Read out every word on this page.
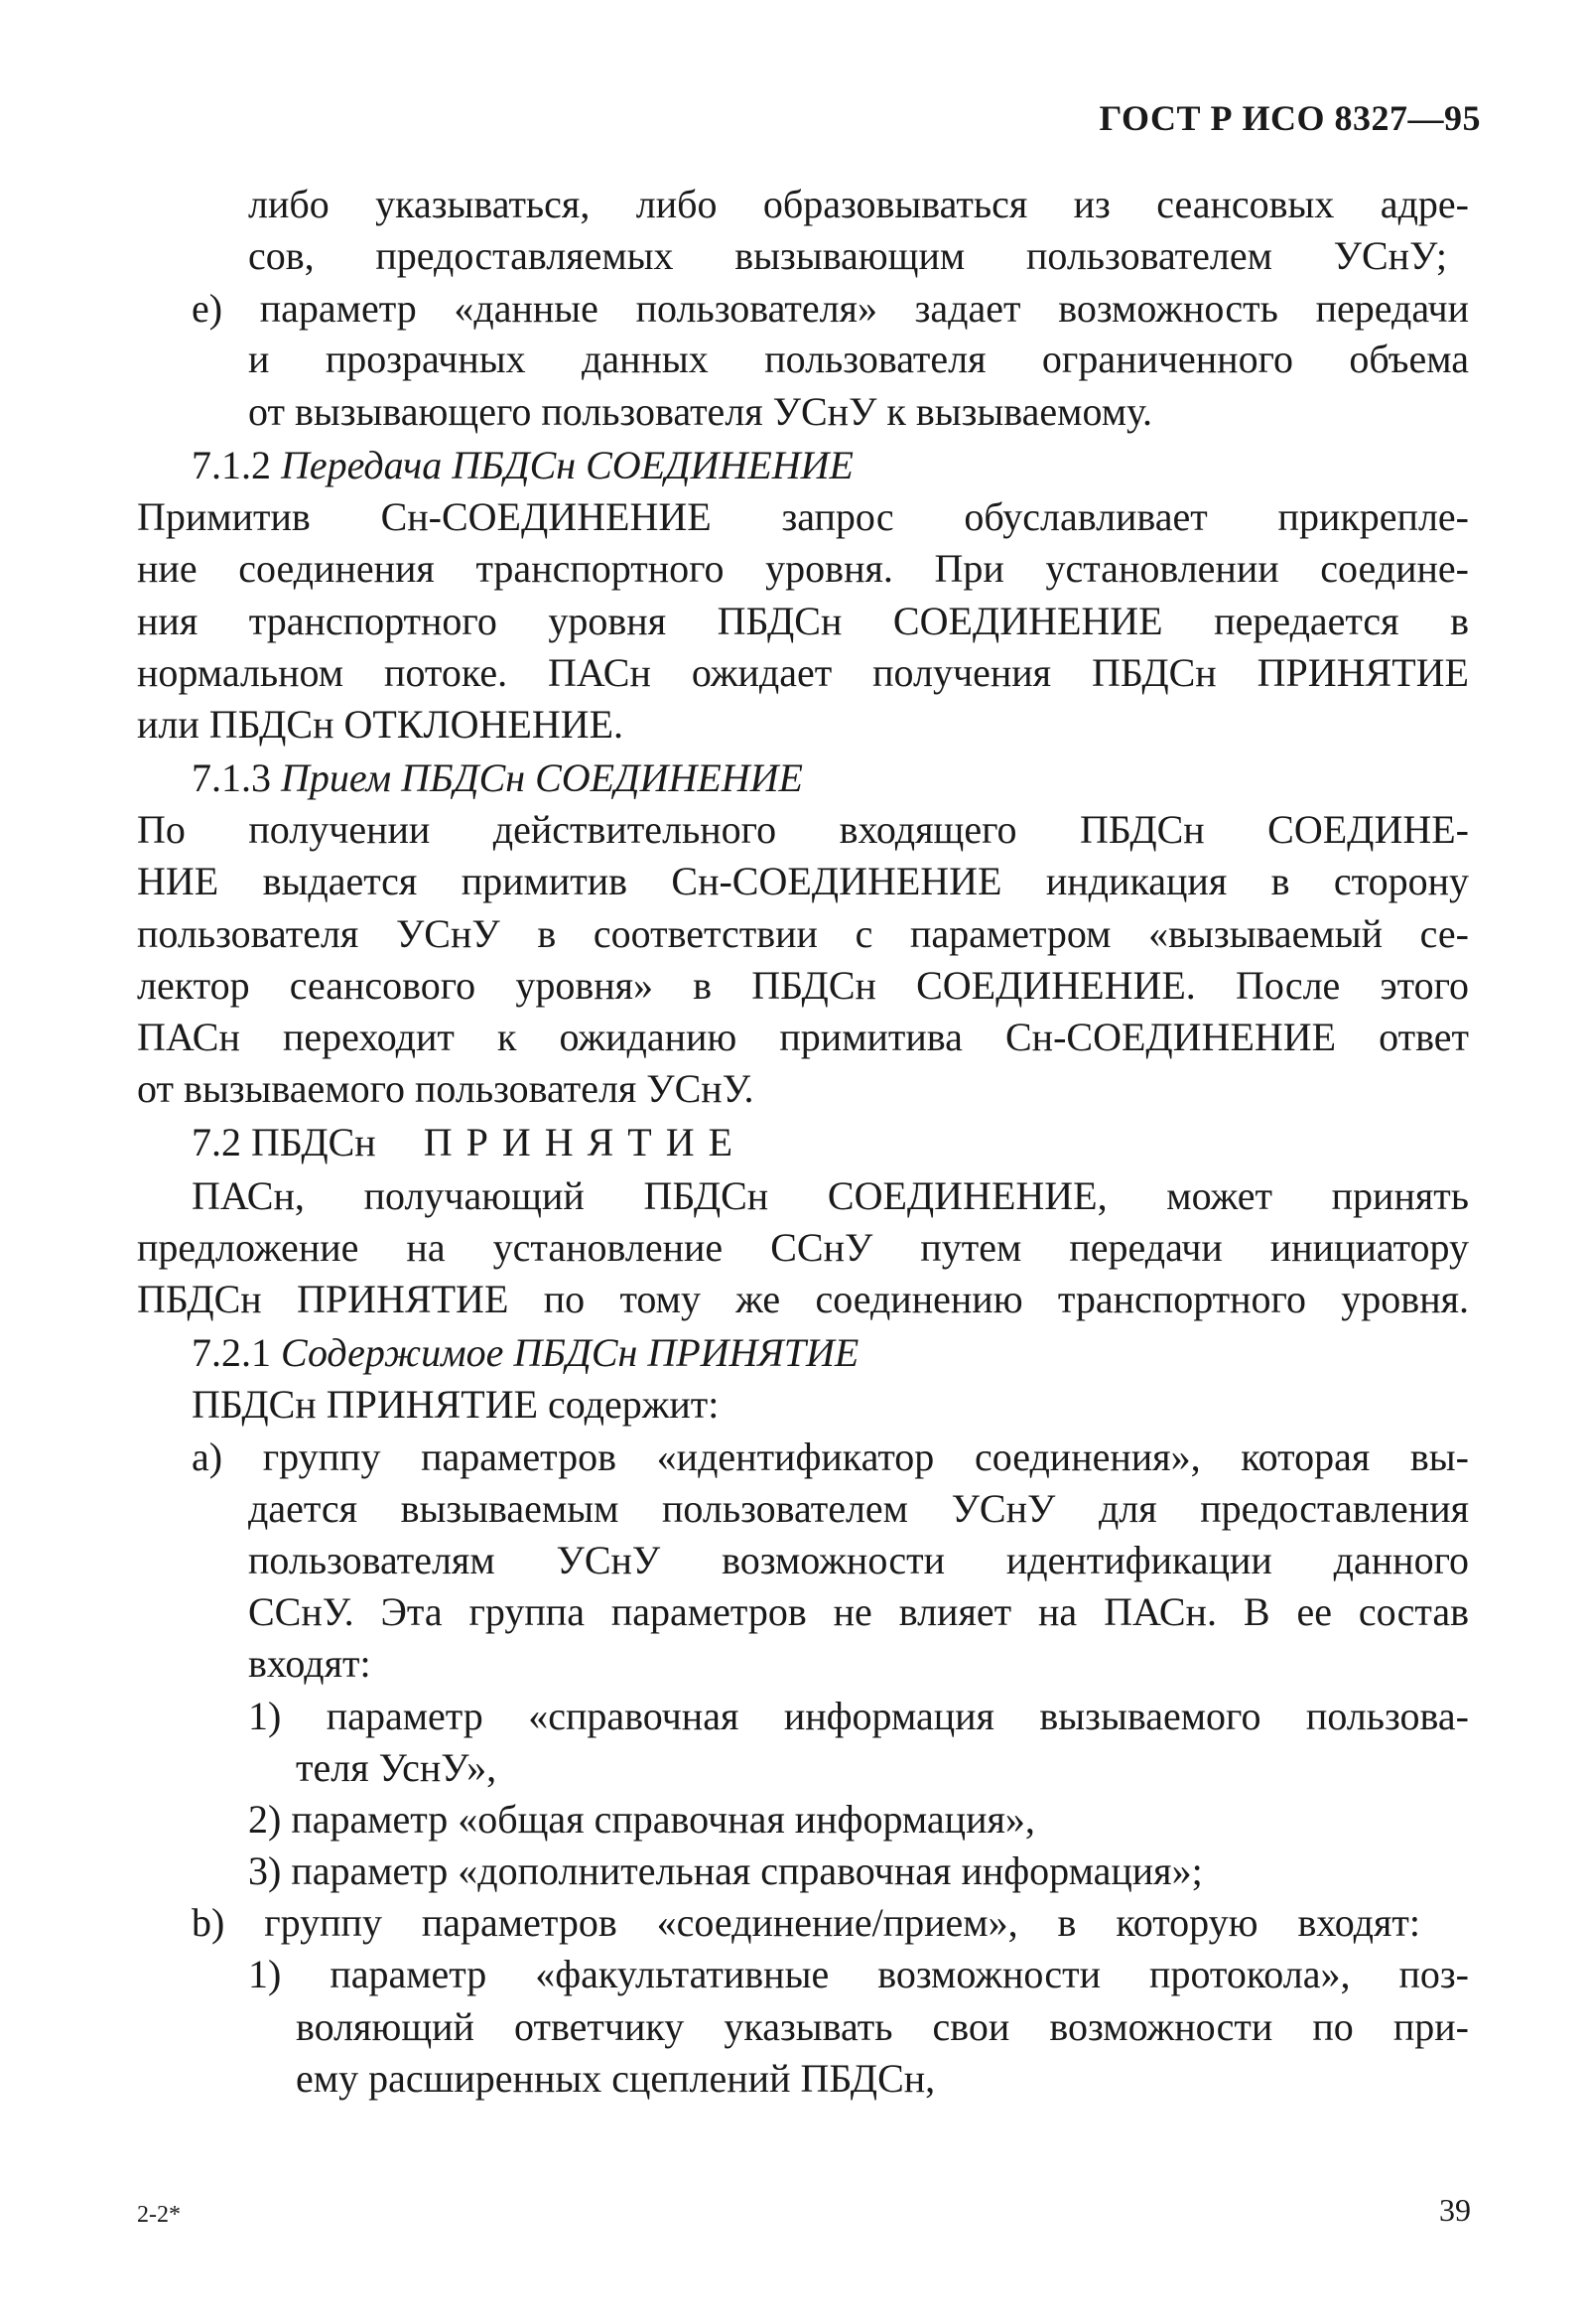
ГОСТ Р ИСО 8327—95
либо указываться, либо образовываться из сеансовых адре-
сов, предоставляемых вызывающим пользователем УСнУ;
e) параметр «данные пользователя» задает возможность передачи
и прозрачных данных пользователя ограниченного объема
от вызывающего пользователя УСнУ к вызываемому.
7.1.2 Передача ПБДСн СОЕДИНЕНИЕ
Примитив Сн-СОЕДИНЕНИЕ запрос обуславливает прикрепле-
ние соединения транспортного уровня. При установлении соедине-
ния транспортного уровня ПБДСн СОЕДИНЕНИЕ передается в
нормальном потоке. ПАСн ожидает получения ПБДСн ПРИНЯТИЕ
или ПБДСн ОТКЛОНЕНИЕ.
7.1.3 Прием ПБДСн СОЕДИНЕНИЕ
По получении действительного входящего ПБДСн СОЕДИНЕ-
НИЕ выдается примитив Сн-СОЕДИНЕНИЕ индикация в сторону
пользователя УСнУ в соответствии с параметром «вызываемый се-
лектор сеансового уровня» в ПБДСн СОЕДИНЕНИЕ. После этого
ПАСн переходит к ожиданию примитива Сн-СОЕДИНЕНИЕ ответ
от вызываемого пользователя УСнУ.
7.2 ПБДСн ПРИНЯТИЕ
ПАСн, получающий ПБДСн СОЕДИНЕНИЕ, может принять
предложение на установление ССнУ путем передачи инициатору
ПБДСн ПРИНЯТИЕ по тому же соединению транспортного уровня.
7.2.1 Содержимое ПБДСн ПРИНЯТИЕ
ПБДСн ПРИНЯТИЕ содержит:
a) группу параметров «идентификатор соединения», которая вы-
дается вызываемым пользователем УСнУ для предоставления
пользователям УСнУ возможности идентификации данного
ССнУ. Эта группа параметров не влияет на ПАСн. В ее состав
входят:
1) параметр «справочная информация вызываемого пользова-
теля УснУ»,
2) параметр «общая справочная информация»,
3) параметр «дополнительная справочная информация»;
b) группу параметров «соединение/прием», в которую входят:
1) параметр «факультативные возможности протокола», поз-
воляющий ответчику указывать свои возможности по при-
ему расширенных сцеплений ПБДСн,
2-2*	39
